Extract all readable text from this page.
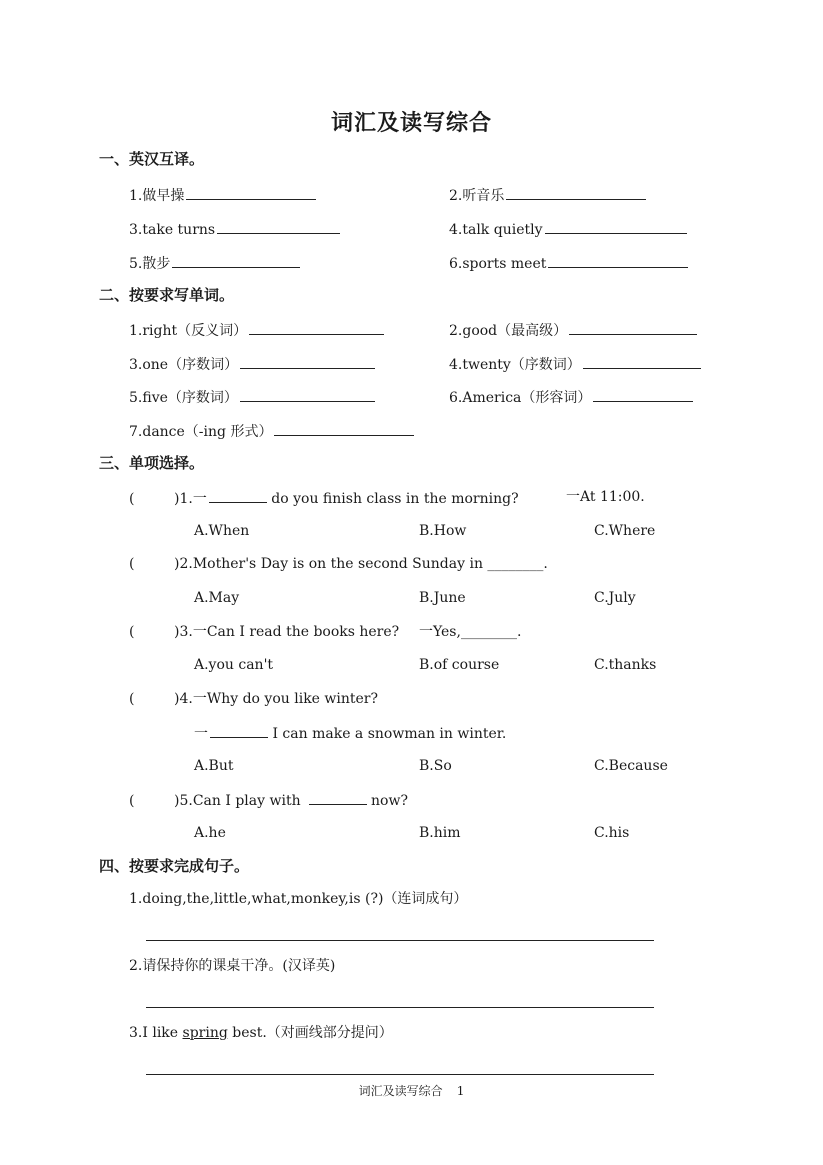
词汇及读写综合
一、英汉互译。
1.做早操	2.听音乐
3.take turns	4.talk quietly
5.散步	6.sports meet
二、按要求写单词。
1.right（反义词）	2.good（最高级）
3.one（序数词）	4.twenty（序数词）
5.five（序数词）	6.America（形容词）
7.dance（-ing 形式）
三、单项选择。
(	)1.一	do you finish class in the morning?	一At 11:00.
A.When	B.How	C.Where
(	)2.Mother's Day is on the second Sunday in ________.
A.May	B.June	C.July
(	)3.一Can I read the books here? 一Yes,________.
A.you can't	B.of course	C.thanks
(	)4.一Why do you like winter?
一	I can make a snowman in winter.
A.But	B.So	C.Because
(	)5.Can I play with	now?
A.he	B.him	C.his
四、按要求完成句子。
1.doing,the,little,what,monkey,is (?)（连词成句）
2.请保持你的课桌干净。(汉译英)
3.I like spring best.（对画线部分提问）
词汇及读写综合 1
